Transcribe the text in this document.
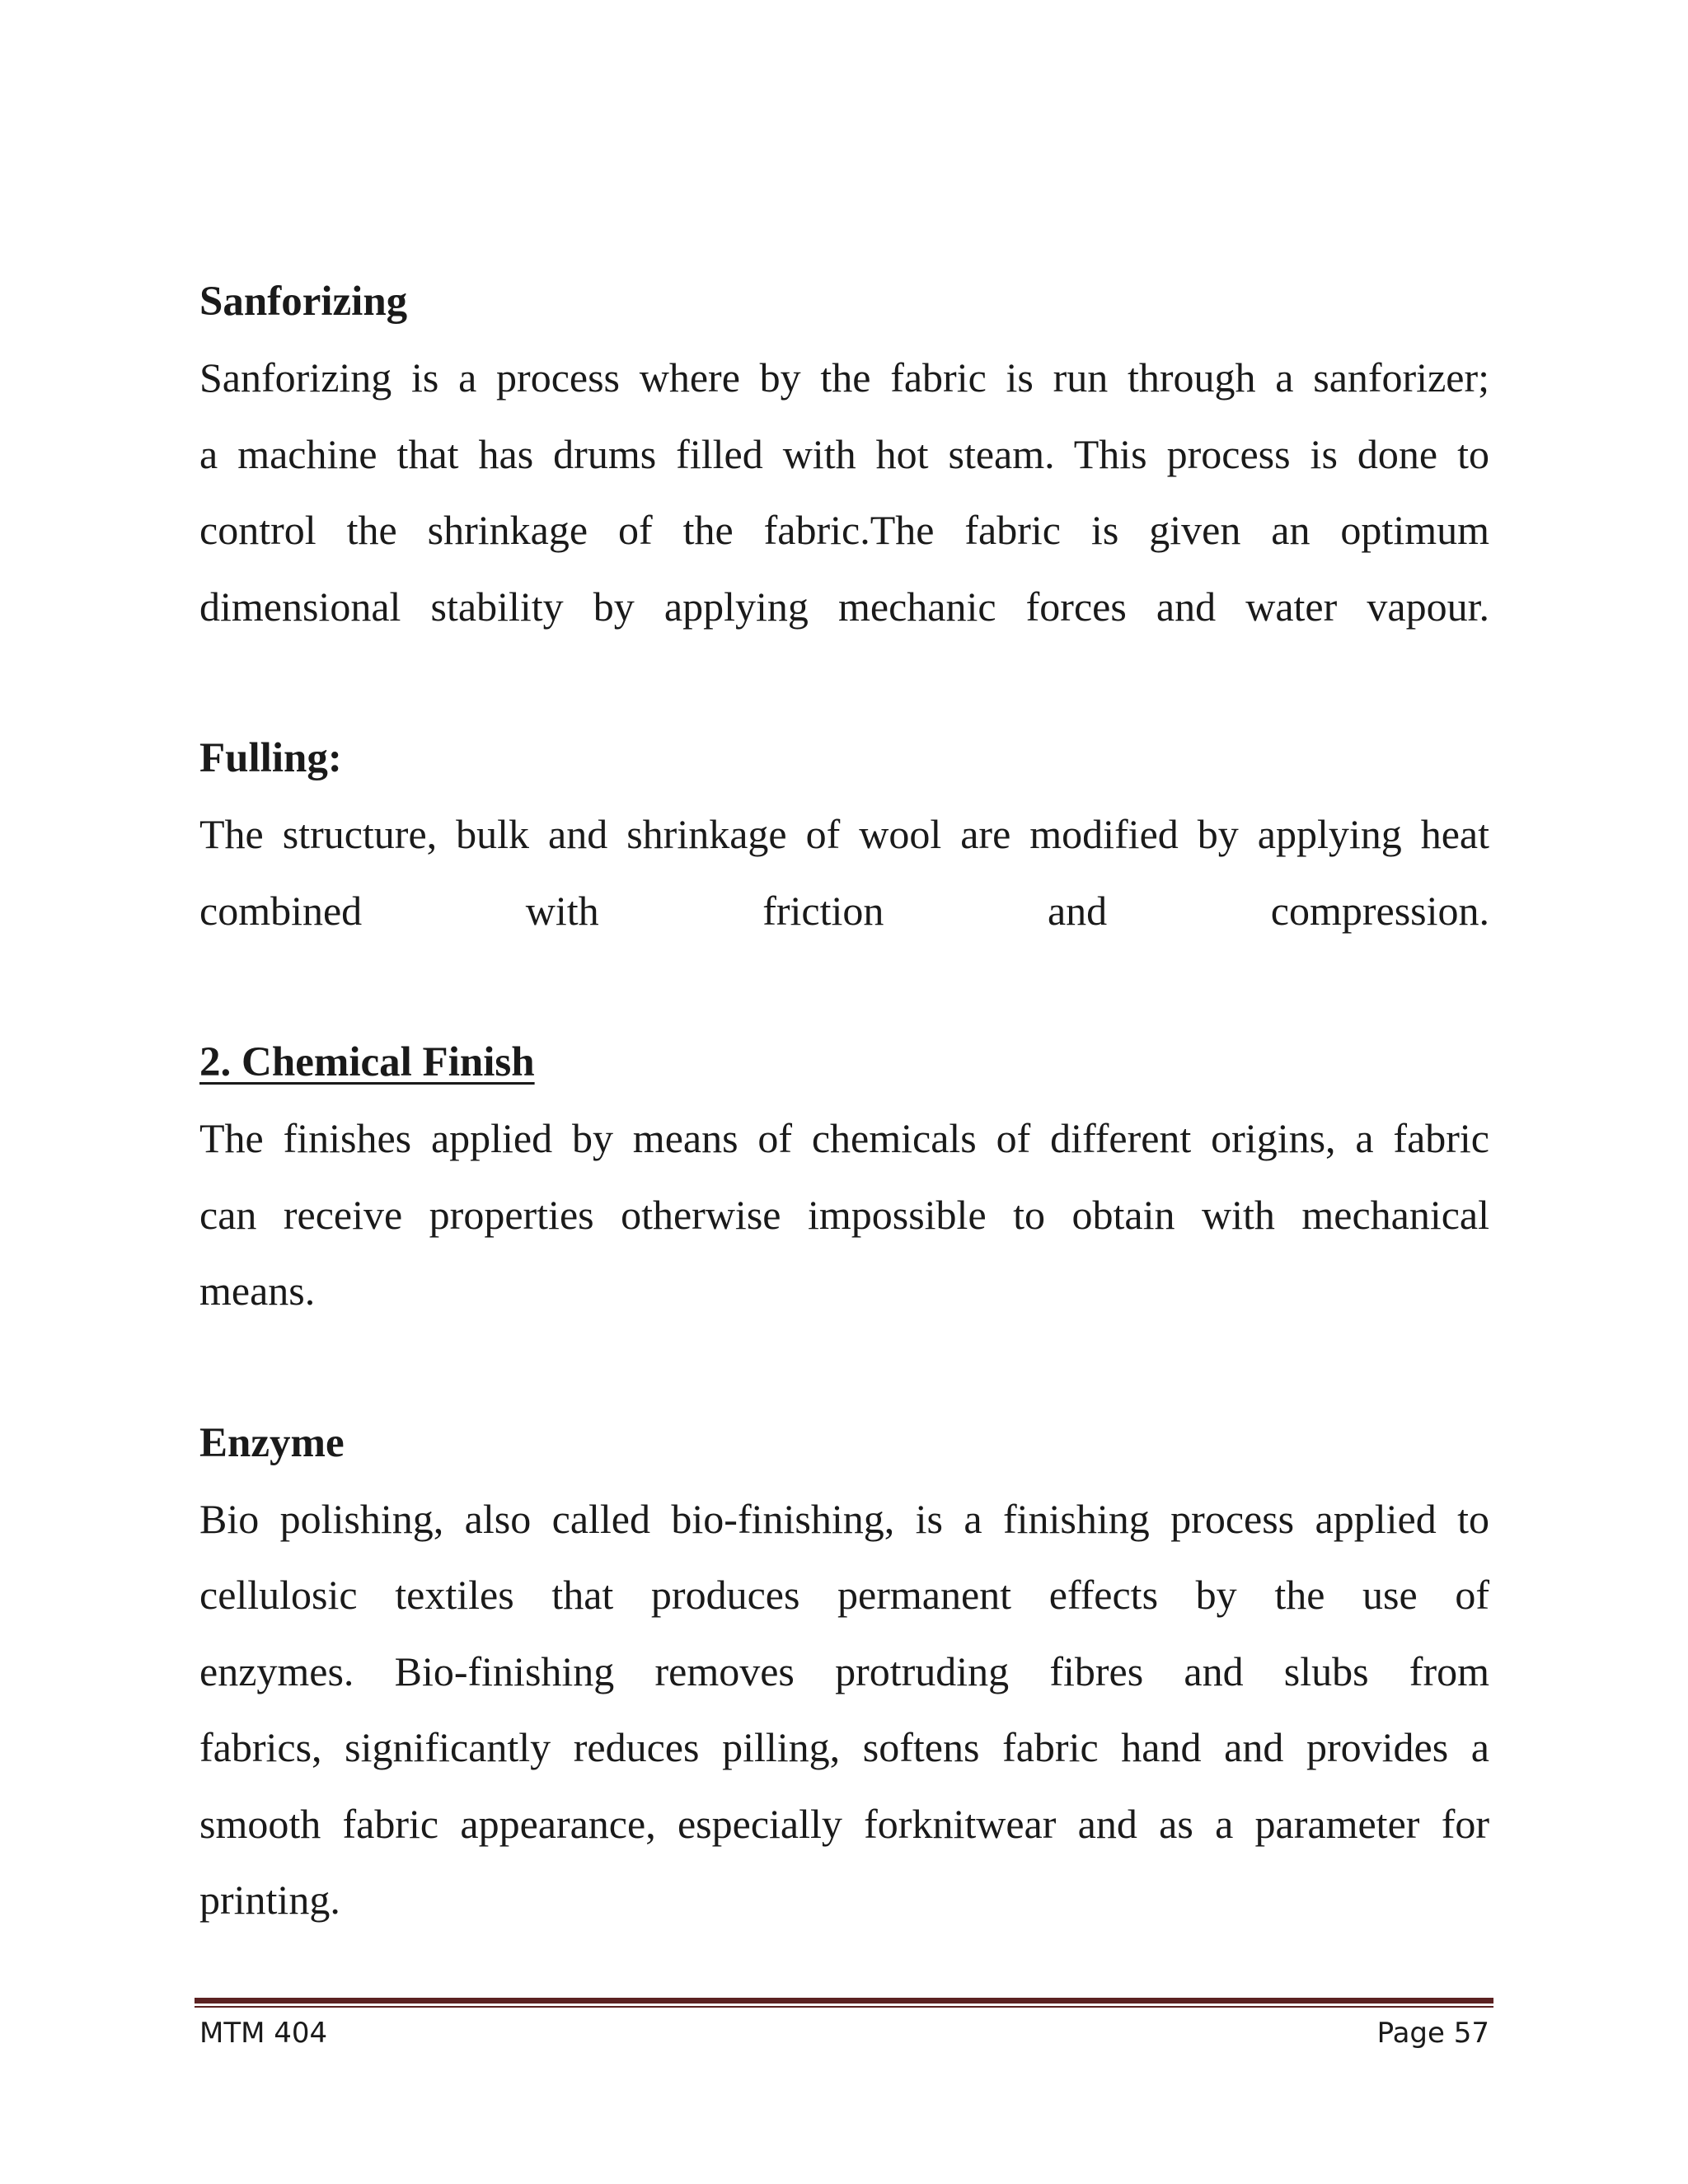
Sanforizing

Sanforizing is a process where by the fabric is run through a sanforizer;

a machine that has drums filled with hot steam. This process is done to

control the shrinkage of the fabric.The fabric is given an optimum

dimensional stability by applying mechanic forces and water vapour.

Fulling:

The structure, bulk and shrinkage of wool are modified by applying heat

combined with friction and compression.

2. Chemical Finish

The finishes applied by means of chemicals of different origins, a fabric

can receive properties otherwise impossible to obtain with mechanical

means.

Enzyme

Bio polishing, also called bio-finishing, is a finishing process applied to

cellulosic textiles that produces permanent effects by the use of

enzymes. Bio-finishing removes protruding fibres and slubs from

fabrics, significantly reduces pilling, softens fabric hand and provides a

smooth fabric appearance, especially forknitwear and as a parameter for

printing.

MTM 404	Page 57
